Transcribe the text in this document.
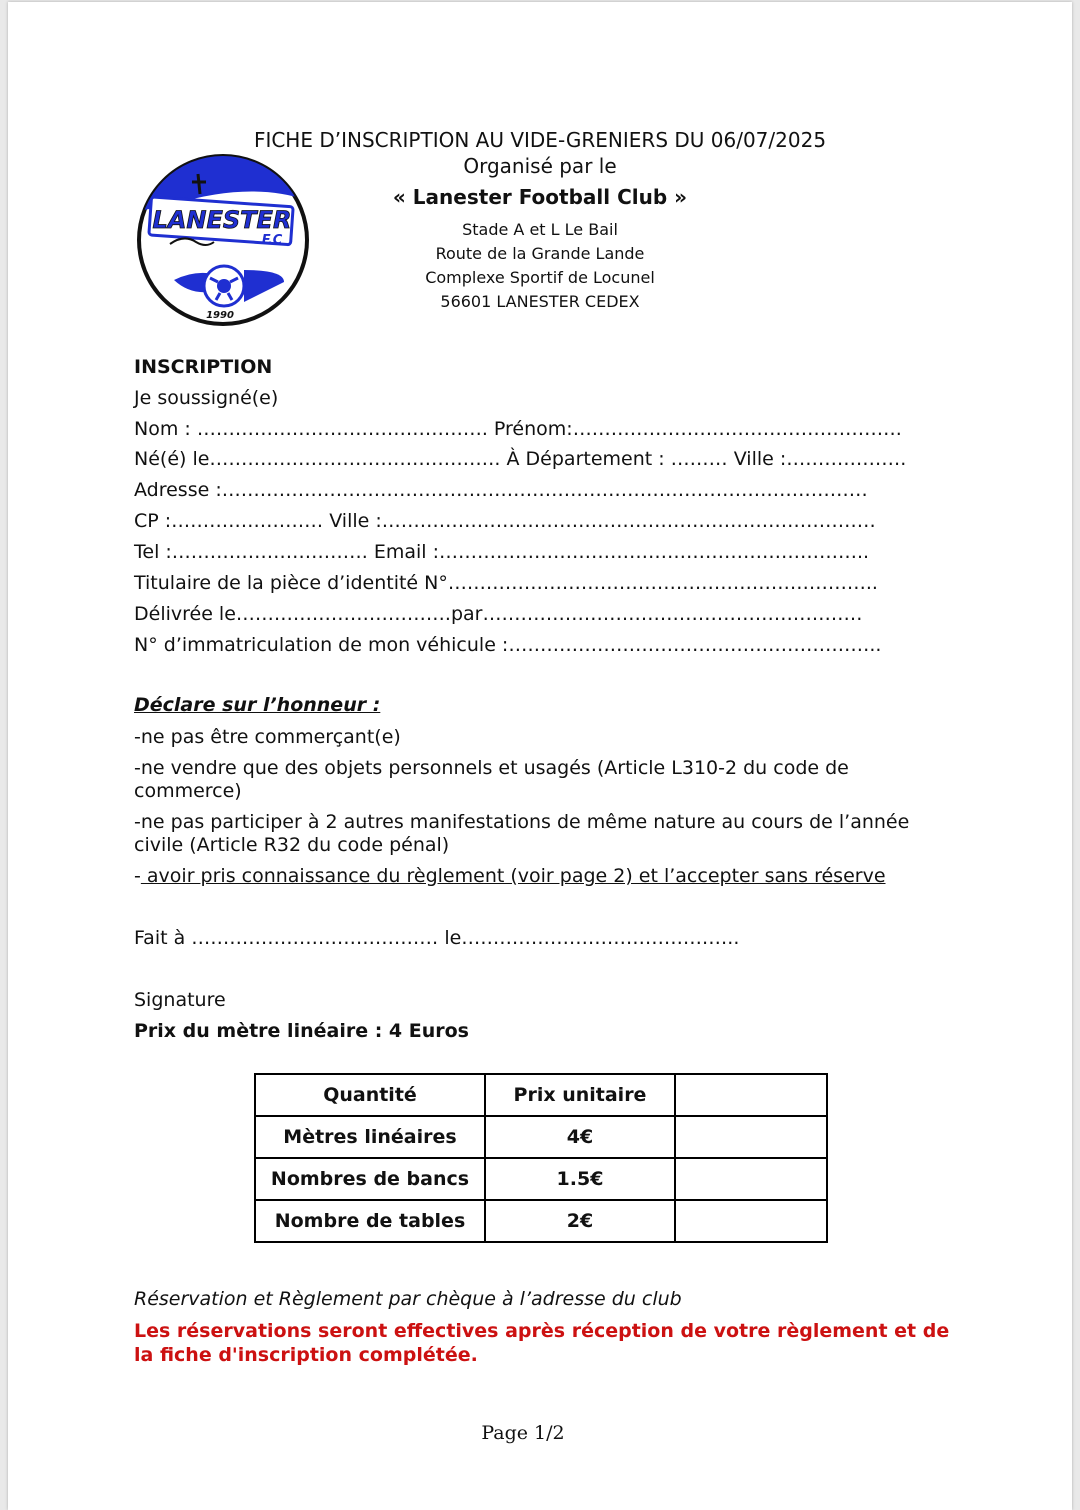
FICHE D’INSCRIPTION AU VIDE-GRENIERS DU 06/07/2025
Organisé par le
« Lanester Football Club »
Stade A et L Le Bail
Route de la Grande Lande
Complexe Sportif de Locunel
56601 LANESTER CEDEX
LANESTER
F.C
1990
INSCRIPTION
Je soussigné(e)
Nom : ………………………………………. Prénom:…………………………………………….
Né(é) le………………………………………. À Département : ……… Ville :……………….
Adresse :…………………………………………………………………………………………
CP :…………………… Ville :……………………………………………………………………
Tel :…………………………. Email :…………………………………………………………..
Titulaire de la pièce d’identité N°…………………………………………………………..
Délivrée le…………………………….par……………………………………………………
N° d’immatriculation de mon véhicule :…………………………………………………..
Déclare sur l’honneur :
-ne pas être commerçant(e)
-ne vendre que des objets personnels et usagés (Article L310-2 du code de commerce)
-ne pas participer à 2 autres manifestations de même nature au cours de l’année civile (Article R32 du code pénal)
- avoir pris connaissance du règlement (voir page 2) et l’accepter sans réserve
Fait à ………………………………… le……………………………………..
Signature
Prix du mètre linéaire : 4 Euros
Quantité	Prix unitaire	
Mètres linéaires	4€	
Nombres de bancs	1.5€	
Nombre de tables	2€	
Réservation et Règlement par chèque à l’adresse du club
Les réservations seront effectives après réception de votre règlement et de la fiche d'inscription complétée.
Page 1/2
